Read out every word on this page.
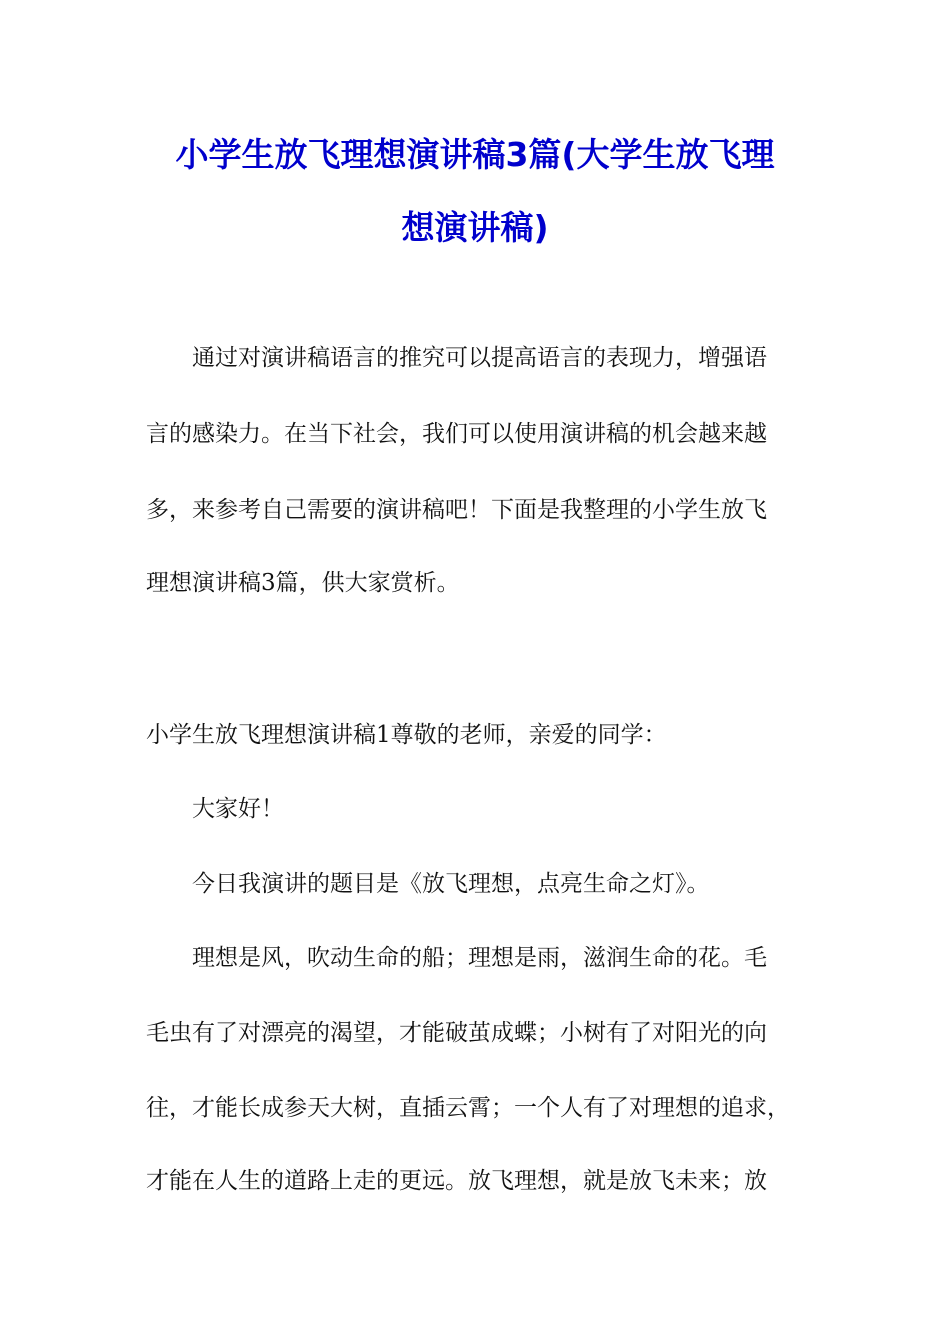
小学生放飞理想演讲稿3篇(大学生放飞理
想演讲稿)

通过对演讲稿语言的推究可以提高语言的表现力，增强语

言的感染力。在当下社会，我们可以使用演讲稿的机会越来越

多，来参考自己需要的演讲稿吧！下面是我整理的小学生放飞

理想演讲稿3篇，供大家赏析。

小学生放飞理想演讲稿1尊敬的老师，亲爱的同学：

大家好！

今日我演讲的题目是《放飞理想，点亮生命之灯》。

理想是风，吹动生命的船；理想是雨，滋润生命的花。毛

毛虫有了对漂亮的渴望，才能破茧成蝶；小树有了对阳光的向

往，才能长成参天大树，直插云霄；一个人有了对理想的追求，

才能在人生的道路上走的更远。放飞理想，就是放飞未来；放
